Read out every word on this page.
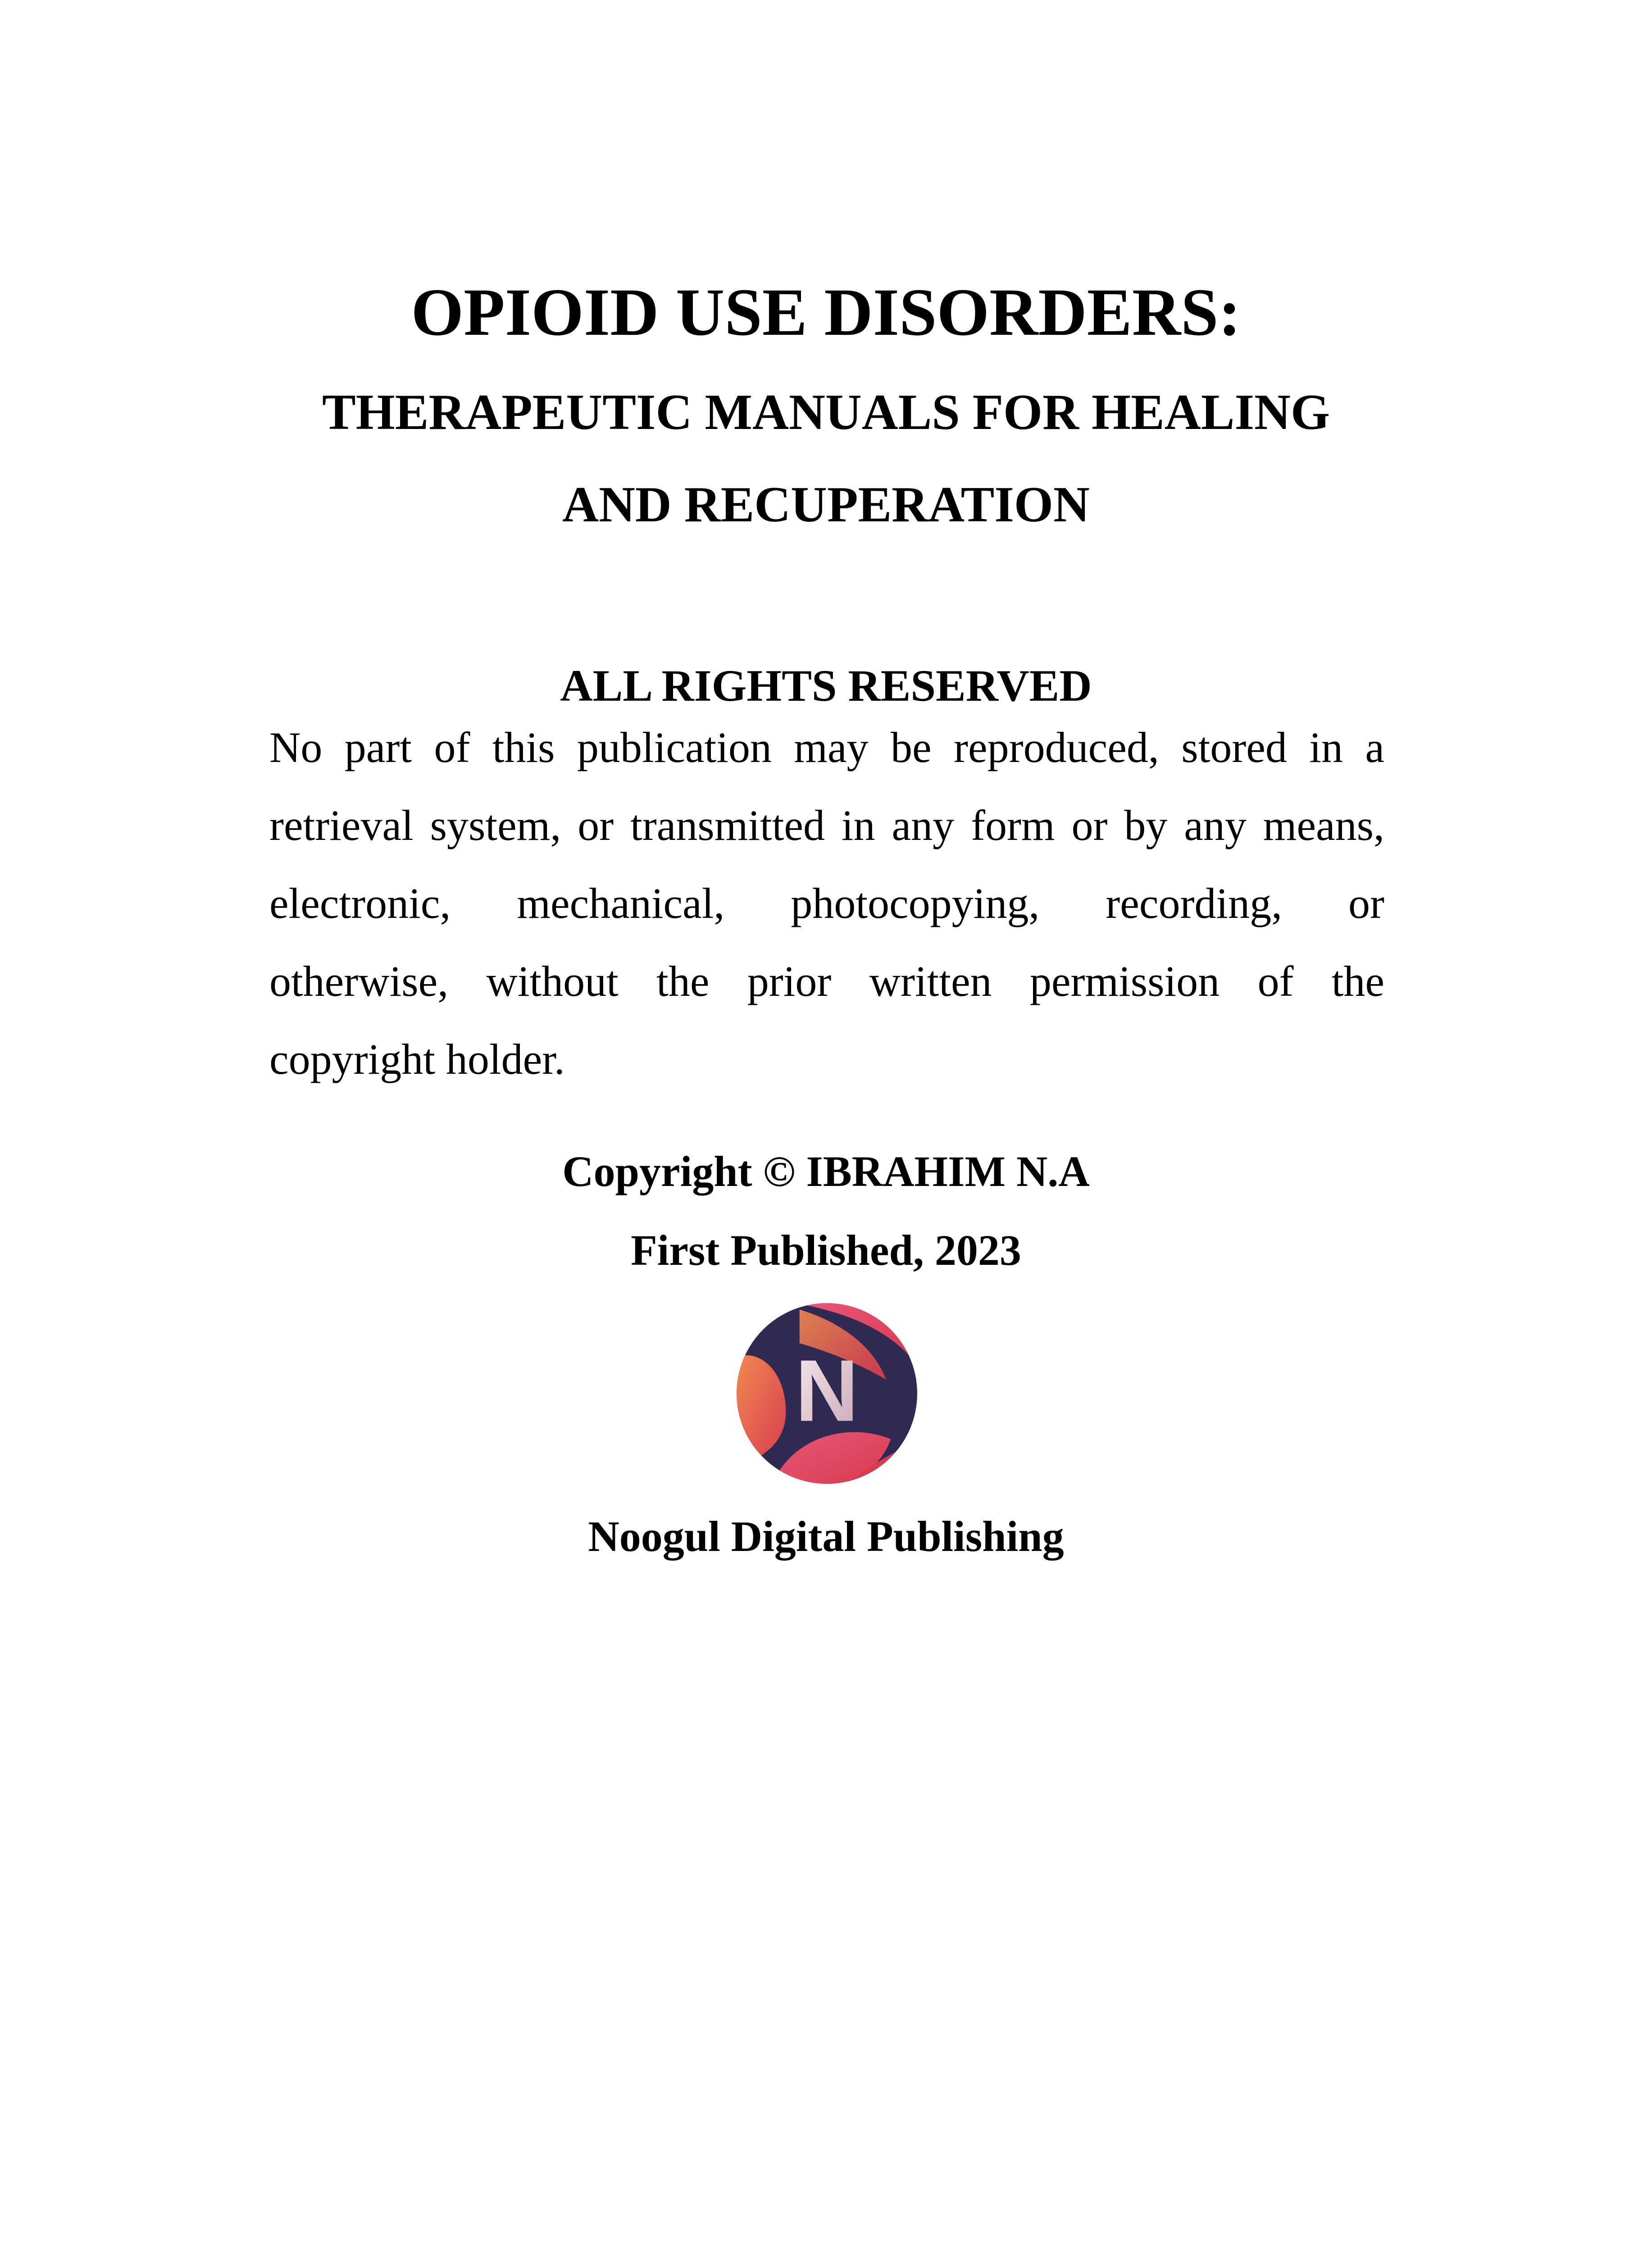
OPIOID USE DISORDERS:
THERAPEUTIC MANUALS FOR HEALING
AND RECUPERATION
ALL RIGHTS RESERVED
No part of this publication may be reproduced, stored in a
retrieval system, or transmitted in any form or by any means,
electronic, mechanical, photocopying, recording, or
otherwise, without the prior written permission of the
copyright holder.
Copyright © IBRAHIM N.A
First Published, 2023
N
Noogul Digital Publishing
